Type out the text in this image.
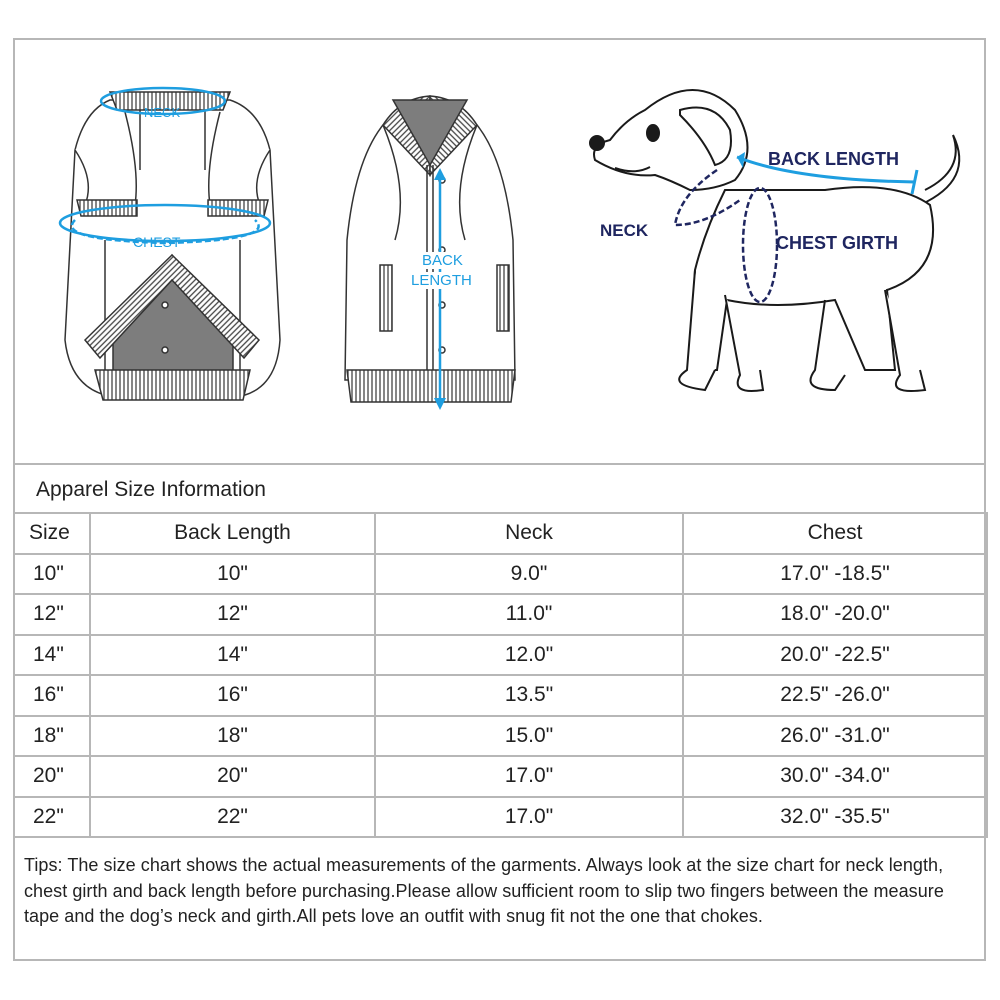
NECK
CHEST
BACK
LENGTH
BACK LENGTH
NECK
CHEST GIRTH
Apparel Size Information
Size	Back Length	Neck	Chest
10"	10"	9.0"	17.0" -18.5"
12"	12"	11.0"	18.0" -20.0"
14"	14"	12.0"	20.0" -22.5"
16"	16"	13.5"	22.5" -26.0"
18"	18"	15.0"	26.0" -31.0"
20"	20"	17.0"	30.0" -34.0"
22"	22"	17.0"	32.0" -35.5"
Tips: The size chart shows the actual measurements of the garments. Always look at the size chart for neck length, chest girth and back length before purchasing.Please allow sufficient room to slip two fingers between the measure tape and the dog’s neck and girth.All pets love an outfit with snug fit not the one that chokes.
